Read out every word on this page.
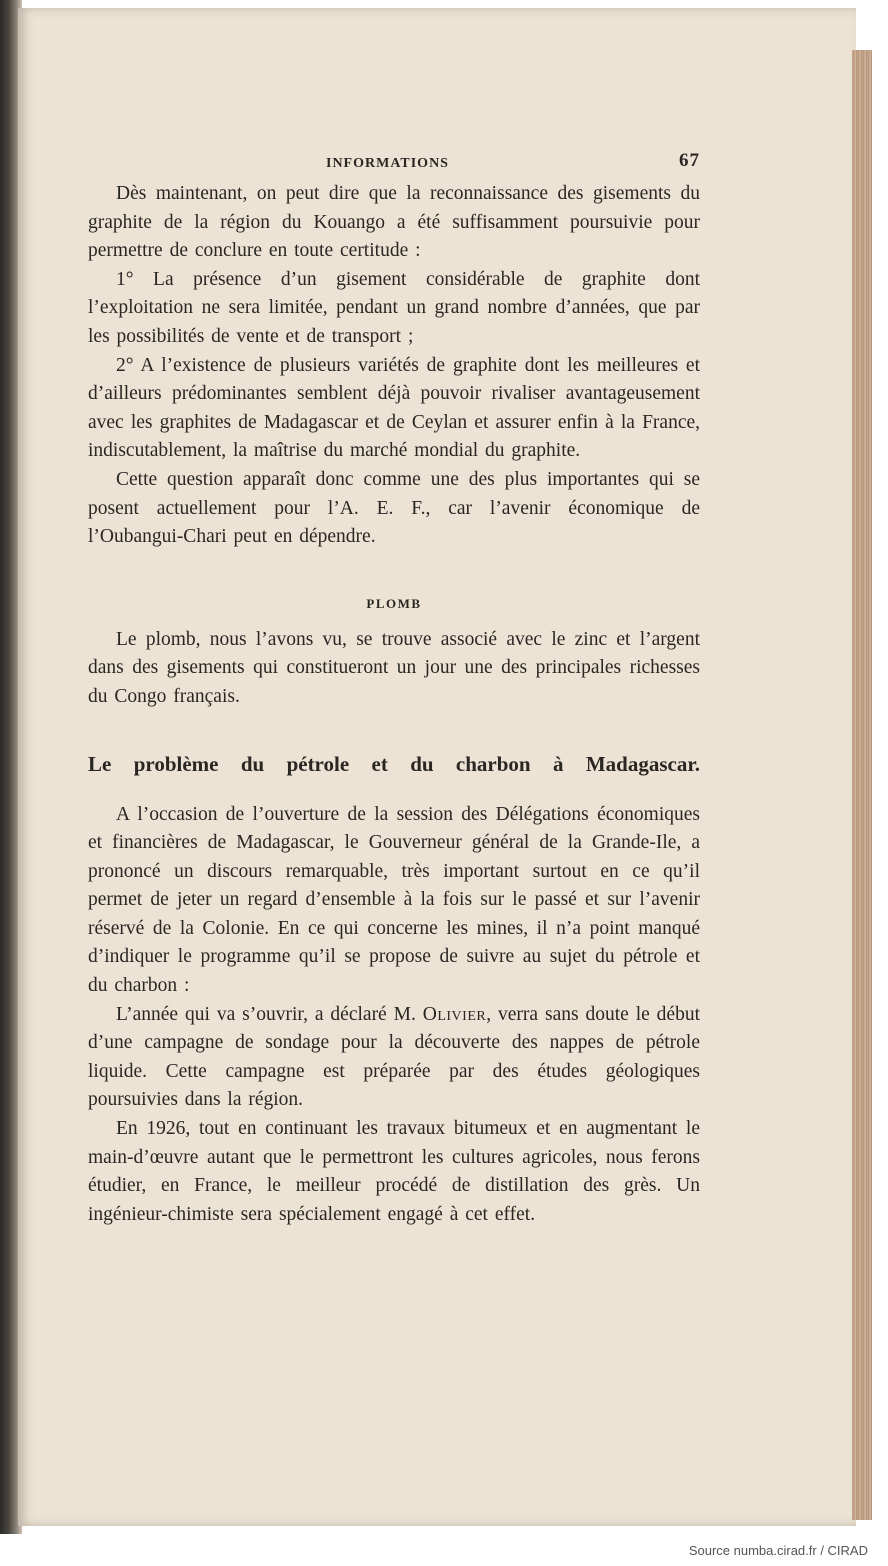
INFORMATIONS	67

Dès maintenant, on peut dire que la reconnaissance des gisements du graphite de la région du Kouango a été suffisamment poursuivie pour permettre de conclure en toute certitude :

1° La présence d’un gisement considérable de graphite dont l’exploitation ne sera limitée, pendant un grand nombre d’années, que par les possibilités de vente et de transport ;

2° A l’existence de plusieurs variétés de graphite dont les meilleures et d’ailleurs prédominantes semblent déjà pouvoir rivaliser avantageusement avec les graphites de Madagascar et de Ceylan et assurer enfin à la France, indiscutablement, la maîtrise du marché mondial du graphite.

Cette question apparaît donc comme une des plus importantes qui se posent actuellement pour l’A. E. F., car l’avenir économique de l’Oubangui-Chari peut en dépendre.

PLOMB

Le plomb, nous l’avons vu, se trouve associé avec le zinc et l’argent dans des gisements qui constitueront un jour une des principales richesses du Congo français.

Le problème du pétrole et du charbon à Madagascar.

A l’occasion de l’ouverture de la session des Délégations économiques et financières de Madagascar, le Gouverneur général de la Grande-Ile, a prononcé un discours remarquable, très important surtout en ce qu’il permet de jeter un regard d’ensemble à la fois sur le passé et sur l’avenir réservé de la Colonie. En ce qui concerne les mines, il n’a point manqué d’indiquer le programme qu’il se propose de suivre au sujet du pétrole et du charbon :

L’année qui va s’ouvrir, a déclaré M. Olivier, verra sans doute le début d’une campagne de sondage pour la découverte des nappes de pétrole liquide. Cette campagne est préparée par des études géologiques poursuivies dans la région.

En 1926, tout en continuant les travaux bitumeux et en augmentant le main-d’œuvre autant que le permettront les cultures agricoles, nous ferons étudier, en France, le meilleur procédé de distillation des grès. Un ingénieur-chimiste sera spécialement engagé à cet effet.

Source numba.cirad.fr / CIRAD
